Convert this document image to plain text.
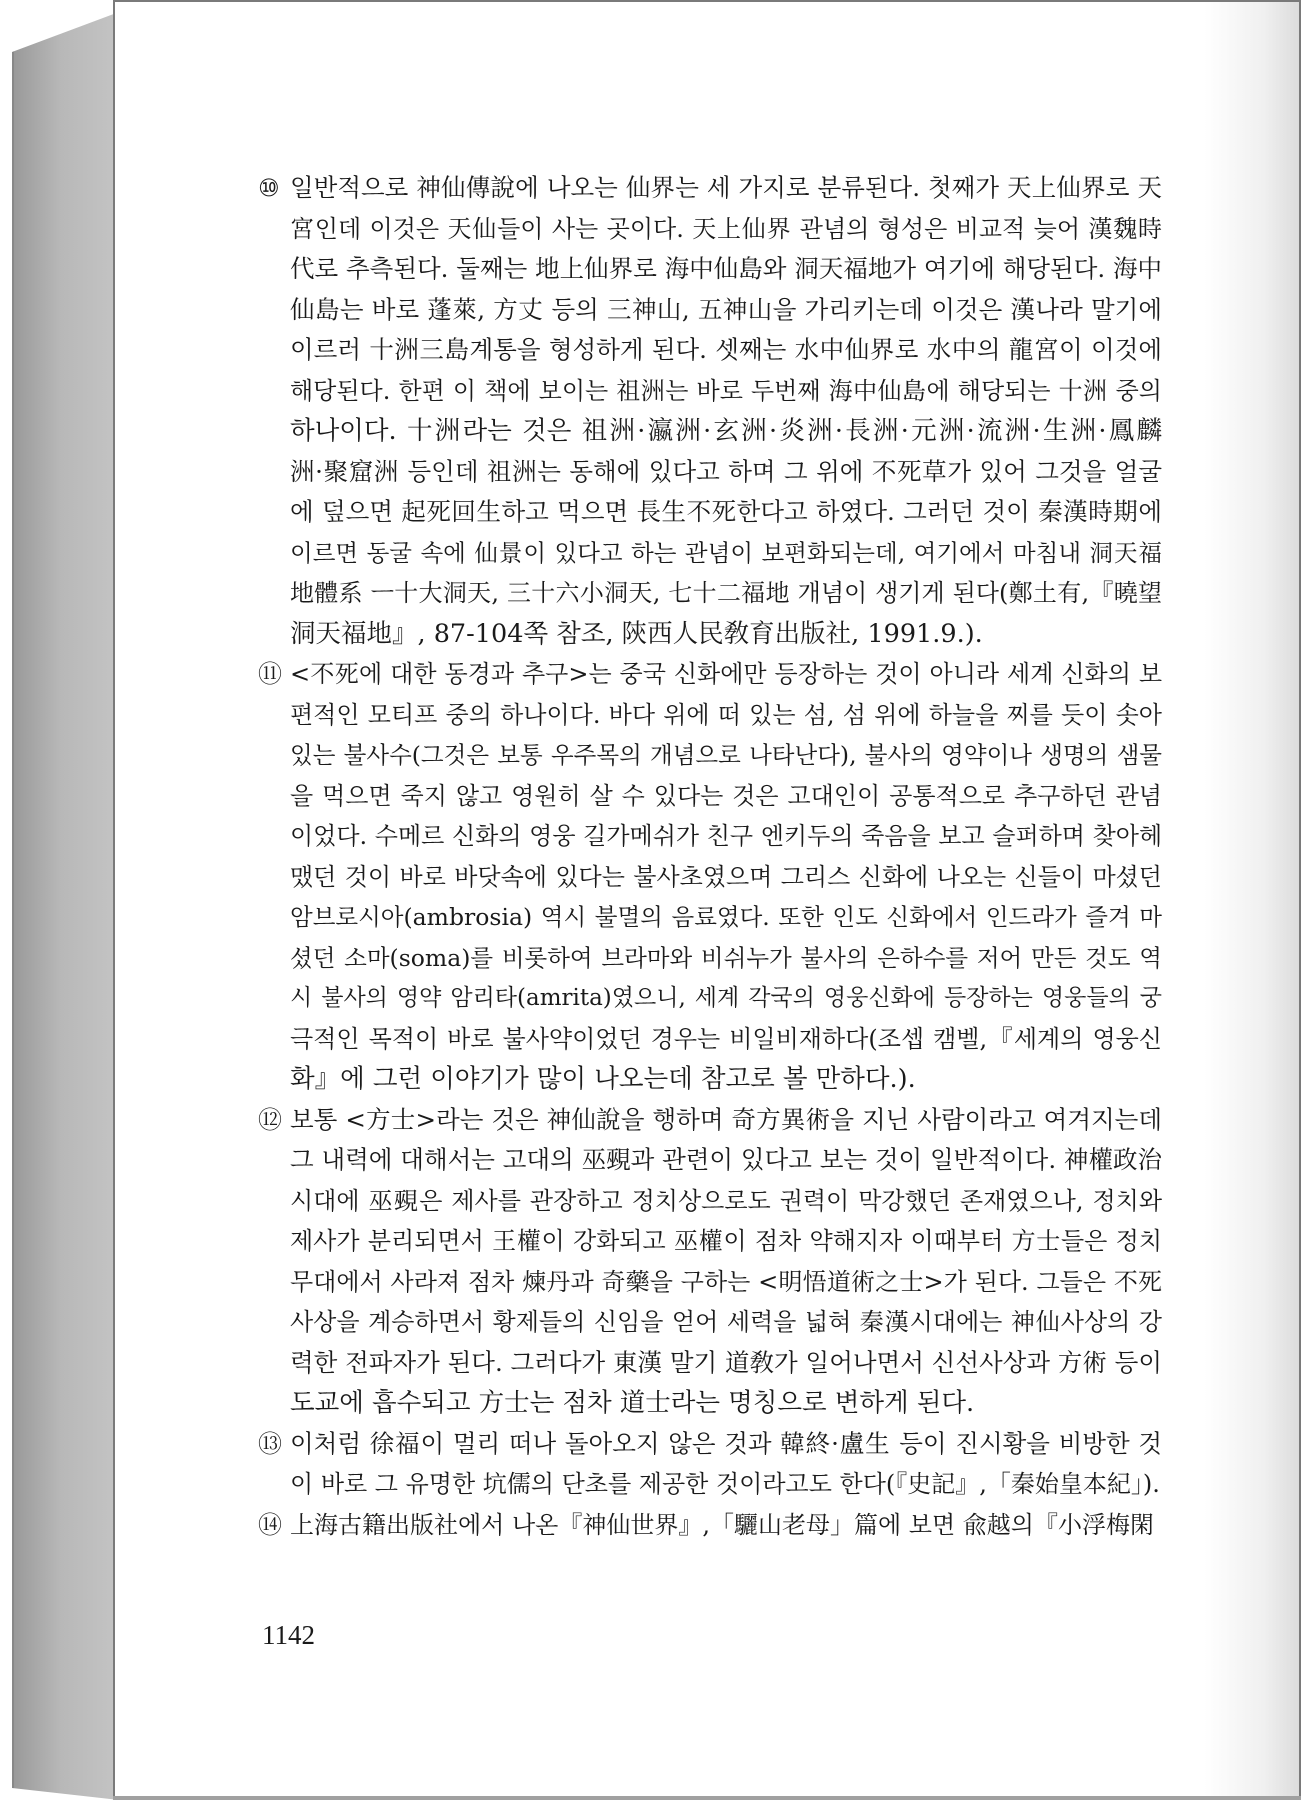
⑩ 일반적으로 神仙傳說에 나오는 仙界는 세 가지로 분류된다. 첫째가 天上仙界로 天
宮인데 이것은 天仙들이 사는 곳이다. 天上仙界 관념의 형성은 비교적 늦어 漢魏時
代로 추측된다. 둘째는 地上仙界로 海中仙島와 洞天福地가 여기에 해당된다. 海中
仙島는 바로 蓬萊, 方丈 등의 三神山, 五神山을 가리키는데 이것은 漢나라 말기에
이르러 十洲三島계통을 형성하게 된다. 셋째는 水中仙界로 水中의 龍宮이 이것에
해당된다. 한편 이 책에 보이는 祖洲는 바로 두번째 海中仙島에 해당되는 十洲 중의
하나이다. 十洲라는 것은 祖洲·瀛洲·玄洲·炎洲·長洲·元洲·流洲·生洲·鳳麟
洲·聚窟洲 등인데 祖洲는 동해에 있다고 하며 그 위에 不死草가 있어 그것을 얼굴
에 덮으면 起死回生하고 먹으면 長生不死한다고 하였다. 그러던 것이 秦漢時期에
이르면 동굴 속에 仙景이 있다고 하는 관념이 보편화되는데, 여기에서 마침내 洞天福
地體系 ㅡ十大洞天, 三十六小洞天, 七十二福地 개념이 생기게 된다(鄭土有,『曉望
洞天福地』, 87-104쪽 참조, 陝西人民敎育出版社, 1991.9.).
⑪ <不死에 대한 동경과 추구>는 중국 신화에만 등장하는 것이 아니라 세계 신화의 보
편적인 모티프 중의 하나이다. 바다 위에 떠 있는 섬, 섬 위에 하늘을 찌를 듯이 솟아
있는 불사수(그것은 보통 우주목의 개념으로 나타난다), 불사의 영약이나 생명의 샘물
을 먹으면 죽지 않고 영원히 살 수 있다는 것은 고대인이 공통적으로 추구하던 관념
이었다. 수메르 신화의 영웅 길가메쉬가 친구 엔키두의 죽음을 보고 슬퍼하며 찾아헤
맸던 것이 바로 바닷속에 있다는 불사초였으며 그리스 신화에 나오는 신들이 마셨던
암브로시아(ambrosia) 역시 불멸의 음료였다. 또한 인도 신화에서 인드라가 즐겨 마
셨던 소마(soma)를 비롯하여 브라마와 비쉬누가 불사의 은하수를 저어 만든 것도 역
시 불사의 영약 암리타(amrita)였으니, 세계 각국의 영웅신화에 등장하는 영웅들의 궁
극적인 목적이 바로 불사약이었던 경우는 비일비재하다(조셉 캠벨,『세계의 영웅신
화』에 그런 이야기가 많이 나오는데 참고로 볼 만하다.).
⑫ 보통 <方士>라는 것은 神仙說을 행하며 奇方異術을 지닌 사람이라고 여겨지는데
그 내력에 대해서는 고대의 巫覡과 관련이 있다고 보는 것이 일반적이다. 神權政治
시대에 巫覡은 제사를 관장하고 정치상으로도 권력이 막강했던 존재였으나, 정치와
제사가 분리되면서 王權이 강화되고 巫權이 점차 약해지자 이때부터 方士들은 정치
무대에서 사라져 점차 煉丹과 奇藥을 구하는 <明悟道術之士>가 된다. 그들은 不死
사상을 계승하면서 황제들의 신임을 얻어 세력을 넓혀 秦漢시대에는 神仙사상의 강
력한 전파자가 된다. 그러다가 東漢 말기 道敎가 일어나면서 신선사상과 方術 등이
도교에 흡수되고 方士는 점차 道士라는 명칭으로 변하게 된다.
⑬ 이처럼 徐福이 멀리 떠나 돌아오지 않은 것과 韓終·盧生 등이 진시황을 비방한 것
이 바로 그 유명한 坑儒의 단초를 제공한 것이라고도 한다(『史記』,「秦始皇本紀」).
⑭ 上海古籍出版社에서 나온『神仙世界』,「驪山老母」篇에 보면 兪越의『小浮梅閑
1142
